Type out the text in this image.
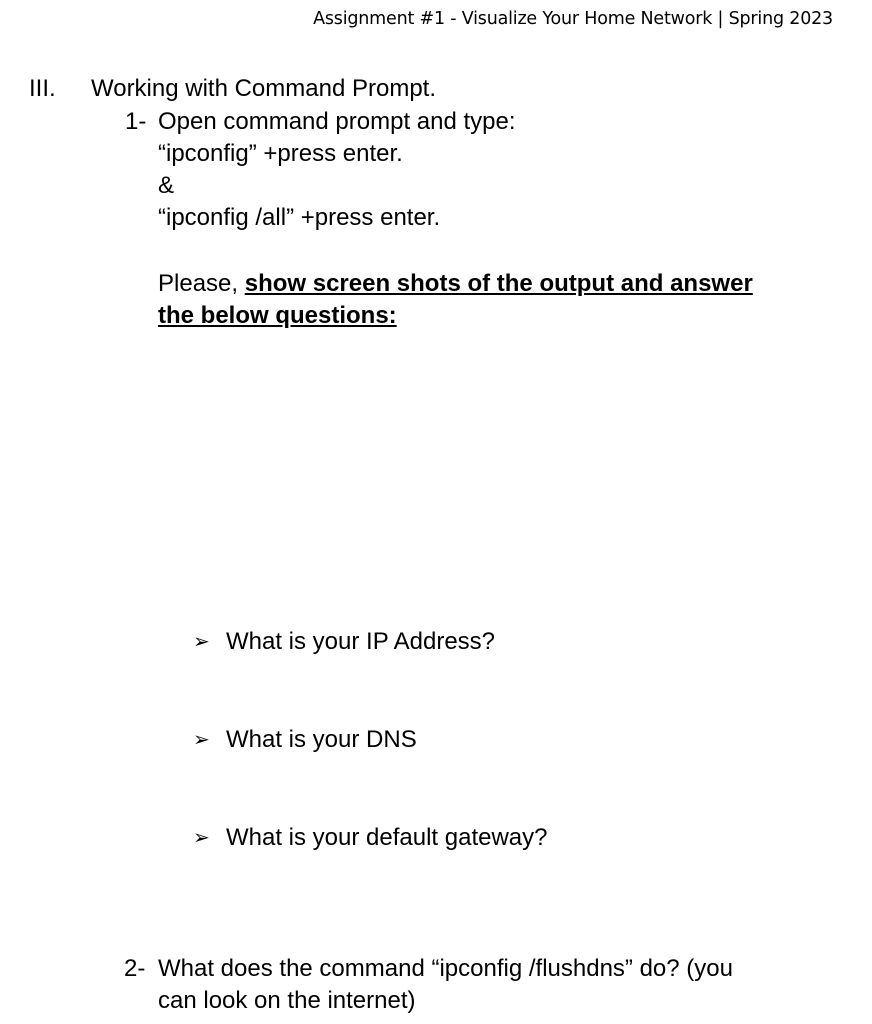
Assignment #1 - Visualize Your Home Network | Spring 2023
III. Working with Command Prompt.
1- Open command prompt and type:
“ipconfig” +press enter.
&
“ipconfig /all” +press enter.
Please, show screen shots of the output and answer
the below questions:
➢ What is your IP Address?
➢ What is your DNS
➢ What is your default gateway?
2- What does the command “ipconfig /flushdns” do? (you
can look on the internet)
